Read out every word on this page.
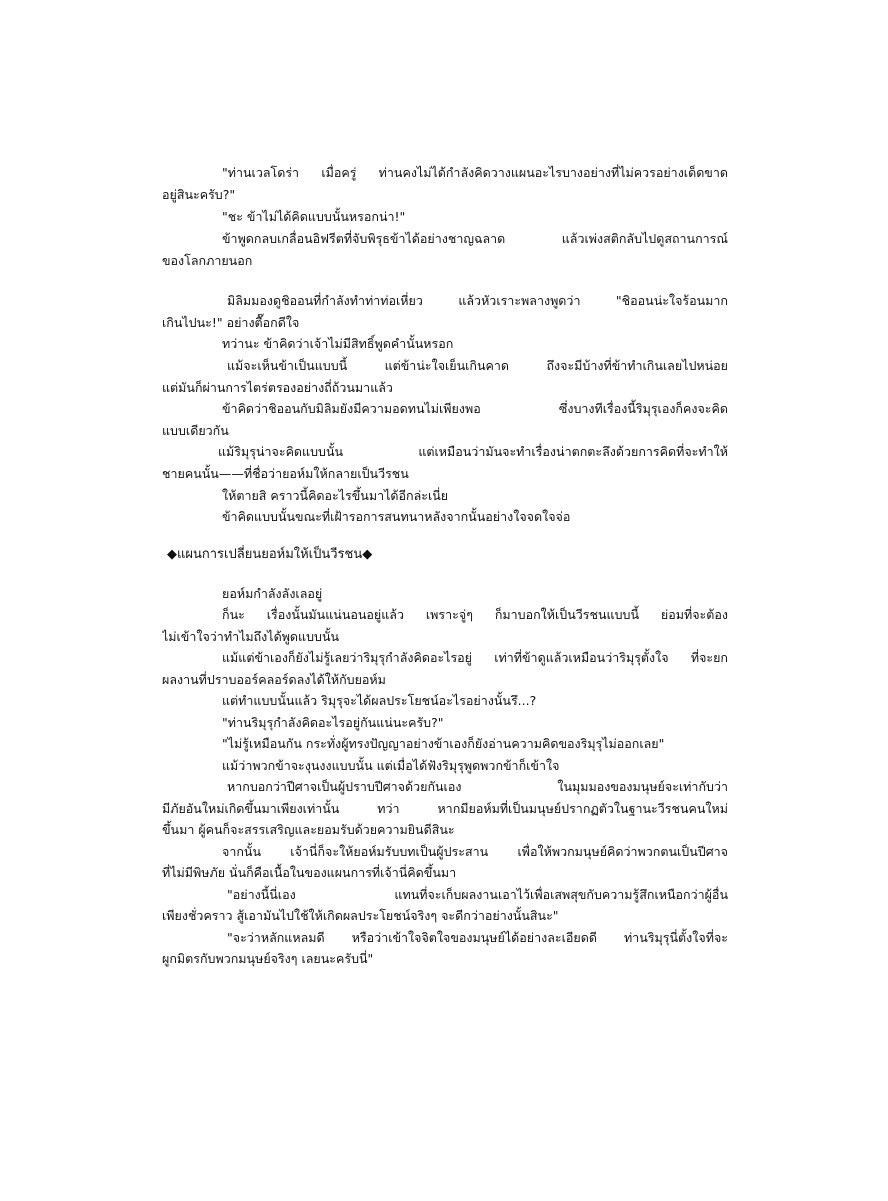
"ท่านเวลโดร่า เมื่อครู่ ท่านคงไม่ได้กำลังคิดวางแผนอะไรบางอย่างที่ไม่ควรอย่างเด็ดขาด
อยู่สินะครับ?"
"ชะ ข้าไม่ได้คิดแบบนั้นหรอกน่า!"
ข้าพูดกลบเกลื่อนอิฟรีตที่จับพิรุธข้าได้อย่างชาญฉลาด แล้วเพ่งสติกลับไปดูสถานการณ์
ของโลกภายนอก
มิลิมมองดูชิออนที่กำลังทำท่าท่อเหี่ยว แล้วหัวเราะพลางพูดว่า "ชิออนน่ะใจร้อนมาก
เกินไปนะ!" อย่างตื๊อกดีใจ
ทว่านะ ข้าคิดว่าเจ้าไม่มีสิทธิ์พูดคำนั้นหรอก
แม้จะเห็นข้าเป็นแบบนี้ แต่ข้าน่ะใจเย็นเกินคาด ถึงจะมีบ้างที่ข้าทำเกินเลยไปหน่อย
แต่มันก็ผ่านการไตร่ตรองอย่างถี่ถ้วนมาแล้ว
ข้าคิดว่าชิออนกับมิลิมยังมีความอดทนไม่เพียงพอ ซึ่งบางทีเรื่องนี้ริมุรุเองก็คงจะคิด
แบบเดียวกัน
แม้ริมุรุน่าจะคิดแบบนั้น แต่เหมือนว่ามันจะทำเรื่องน่าตกตะลึงด้วยการคิดที่จะทำให้
ชายคนนั้น——ที่ชื่อว่ายอห์มให้กลายเป็นวีรชน
ให้ตายสิ คราวนี้คิดอะไรขึ้นมาได้อีกล่ะเนี่ย
ข้าคิดแบบนั้นขณะที่เฝ้ารอการสนทนาหลังจากนั้นอย่างใจจดใจจ่อ
◆แผนการเปลี่ยนยอห์มให้เป็นวีรชน◆
ยอห์มกำลังลังเลอยู่
ก็นะ เรื่องนั้นมันแน่นอนอยู่แล้ว เพราะจู่ๆ ก็มาบอกให้เป็นวีรชนแบบนี้ ย่อมที่จะต้อง
ไม่เข้าใจว่าทำไมถึงได้พูดแบบนั้น
แม้แต่ข้าเองก็ยังไม่รู้เลยว่าริมุรุกำลังคิดอะไรอยู่ เท่าที่ข้าดูแล้วเหมือนว่าริมุรุตั้งใจ ที่จะยก
ผลงานที่ปราบออร์คลอร์ดลงได้ให้กับยอห์ม
แต่ทำแบบนั้นแล้ว ริมุรุจะได้ผลประโยชน์อะไรอย่างนั้นรึ...?
"ท่านริมุรุกำลังคิดอะไรอยู่กันแน่นะครับ?"
"ไม่รู้เหมือนกัน กระทั่งผู้ทรงปัญญาอย่างข้าเองก็ยังอ่านความคิดของริมุรุไม่ออกเลย"
แม้ว่าพวกข้าจะงุนงงแบบนั้น แต่เมื่อได้ฟังริมุรุพูดพวกข้าก็เข้าใจ
หากบอกว่าปีศาจเป็นผู้ปราบปีศาจด้วยกันเอง ในมุมมองของมนุษย์จะเท่ากับว่า
มีภัยอันใหม่เกิดขึ้นมาเพียงเท่านั้น ทว่า หากมียอห์มที่เป็นมนุษย์ปรากฏตัวในฐานะวีรชนคนใหม่
ขึ้นมา ผู้คนก็จะสรรเสริญและยอมรับด้วยความยินดีสินะ
จากนั้น เจ้านี่ก็จะให้ยอห์มรับบทเป็นผู้ประสาน เพื่อให้พวกมนุษย์คิดว่าพวกตนเป็นปีศาจ
ที่ไม่มีพิษภัย นั่นก็คือเนื้อในของแผนการที่เจ้านี่คิดขึ้นมา
"อย่างนี้นี่เอง แทนที่จะเก็บผลงานเอาไว้เพื่อเสพสุขกับความรู้สึกเหนือกว่าผู้อื่น
เพียงชั่วคราว สู้เอามันไปใช้ให้เกิดผลประโยชน์จริงๆ จะดีกว่าอย่างนั้นสินะ"
"จะว่าหลักแหลมดี หรือว่าเข้าใจจิตใจของมนุษย์ได้อย่างละเอียดดี ท่านริมุรุนี่ตั้งใจที่จะ
ผูกมิตรกับพวกมนุษย์จริงๆ เลยนะครับนี่"
